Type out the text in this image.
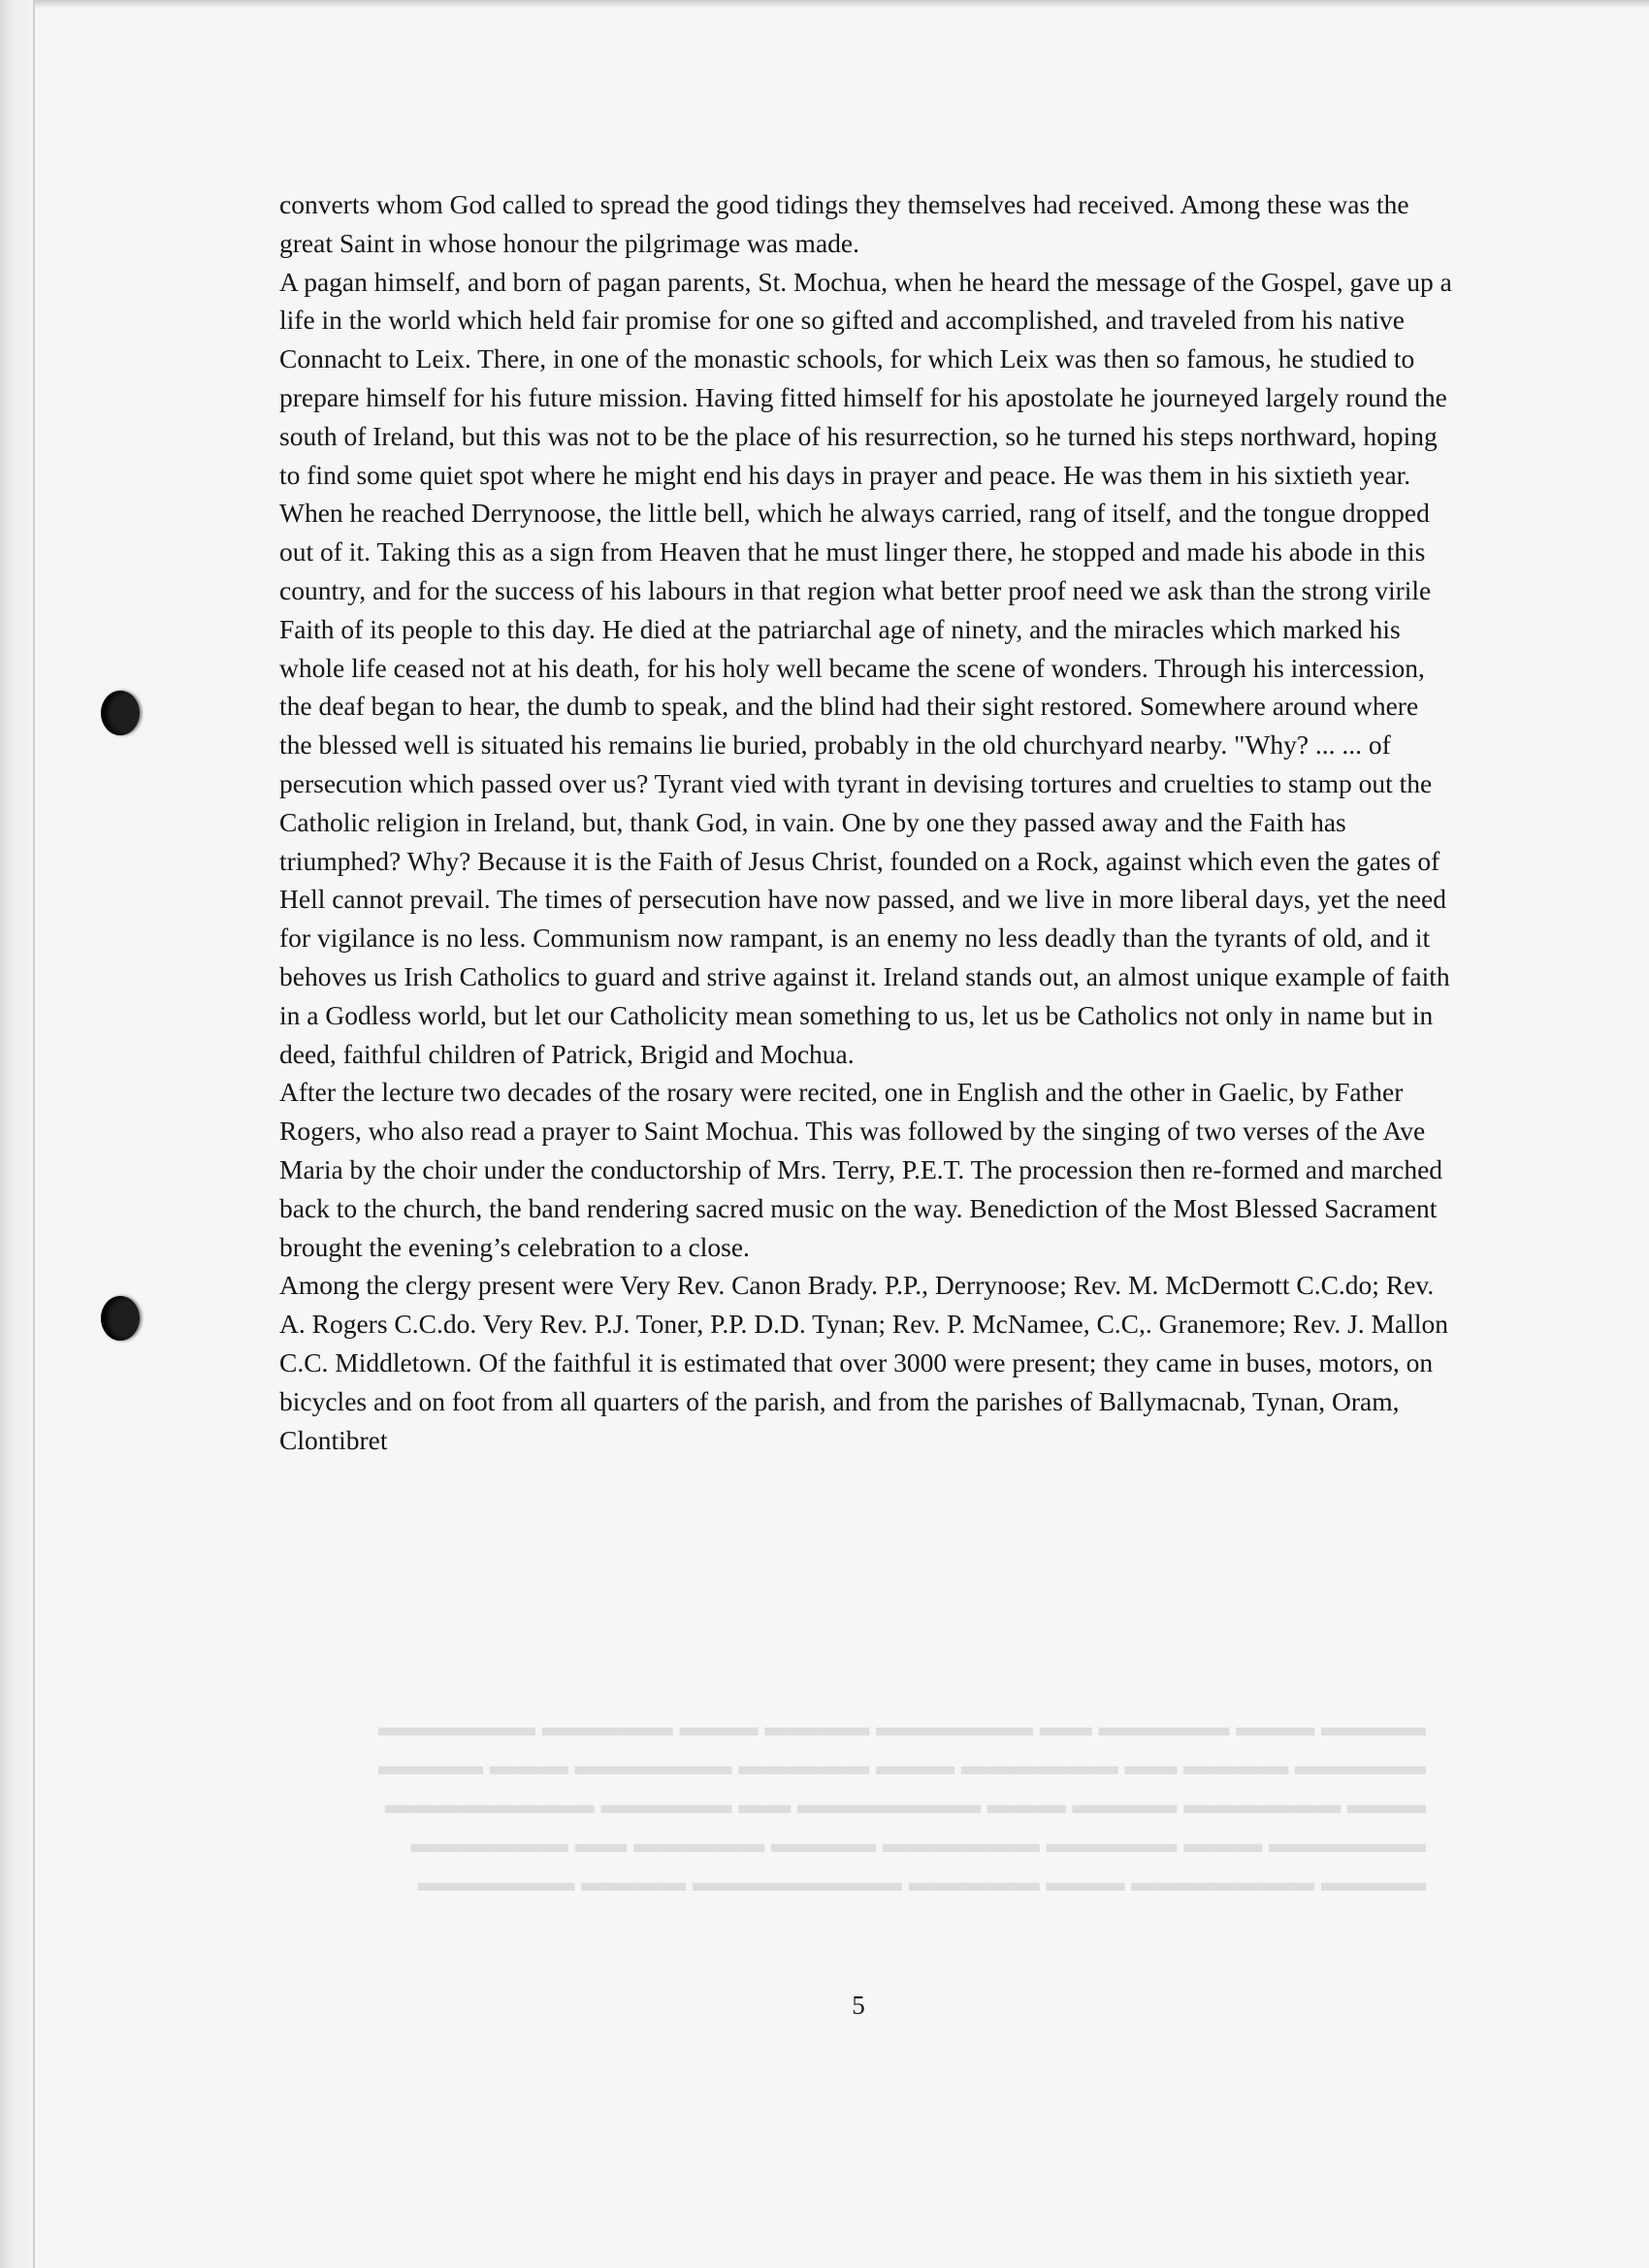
▬▬▬▬ ▬▬▬ ▬▬▬▬▬ ▬▬ ▬▬▬▬▬▬ ▬▬▬▬ ▬▬▬ ▬▬▬▬▬ ▬▬▬▬▬▬
▬▬▬▬▬ ▬▬▬▬ ▬▬ ▬▬▬▬▬▬ ▬▬▬ ▬▬▬▬▬ ▬▬▬▬▬▬ ▬▬▬ ▬▬▬▬
▬▬▬ ▬▬▬▬▬▬ ▬▬▬▬ ▬▬▬ ▬▬▬▬▬▬▬ ▬▬ ▬▬▬▬▬ ▬▬▬▬▬▬▬▬
▬▬▬▬▬▬ ▬▬▬ ▬▬▬▬▬ ▬▬▬▬▬▬ ▬▬▬▬ ▬▬▬▬▬ ▬▬ ▬▬▬▬▬▬
▬▬▬▬ ▬▬▬▬▬▬▬ ▬▬▬ ▬▬▬▬▬ ▬▬▬▬▬▬▬▬ ▬▬▬▬ ▬▬▬▬▬▬

converts whom God called to spread the good tidings they themselves had received. Among these was the great Saint in whose honour the pilgrimage was made.

A pagan himself, and born of pagan parents, St. Mochua, when he heard the message of the Gospel, gave up a life in the world which held fair promise for one so gifted and accomplished, and traveled from his native Connacht to Leix. There, in one of the monastic schools, for which Leix was then so famous, he studied to prepare himself for his future mission. Having fitted himself for his apostolate he journeyed largely round the south of Ireland, but this was not to be the place of his resurrection, so he turned his steps northward, hoping to find some quiet spot where he might end his days in prayer and peace. He was them in his sixtieth year. When he reached Derrynoose, the little bell, which he always carried, rang of itself, and the tongue dropped out of it. Taking this as a sign from Heaven that he must linger there, he stopped and made his abode in this country, and for the success of his labours in that region what better proof need we ask than the strong virile Faith of its people to this day. He died at the patriarchal age of ninety, and the miracles which marked his whole life ceased not at his death, for his holy well became the scene of wonders. Through his intercession, the deaf began to hear, the dumb to speak, and the blind had their sight restored. Somewhere around where the blessed well is situated his remains lie buried, probably in the old churchyard nearby. "Why? ... ... of persecution which passed over us? Tyrant vied with tyrant in devising tortures and cruelties to stamp out the Catholic religion in Ireland, but, thank God, in vain. One by one they passed away and the Faith has triumphed? Why? Because it is the Faith of Jesus Christ, founded on a Rock, against which even the gates of Hell cannot prevail. The times of persecution have now passed, and we live in more liberal days, yet the need for vigilance is no less. Communism now rampant, is an enemy no less deadly than the tyrants of old, and it behoves us Irish Catholics to guard and strive against it. Ireland stands out, an almost unique example of faith in a Godless world, but let our Catholicity mean something to us, let us be Catholics not only in name but in deed, faithful children of Patrick, Brigid and Mochua.

After the lecture two decades of the rosary were recited, one in English and the other in Gaelic, by Father Rogers, who also read a prayer to Saint Mochua. This was followed by the singing of two verses of the Ave Maria by the choir under the conductorship of Mrs. Terry, P.E.T. The procession then re-formed and marched back to the church, the band rendering sacred music on the way. Benediction of the Most Blessed Sacrament brought the evening’s celebration to a close.

Among the clergy present were Very Rev. Canon Brady. P.P., Derrynoose; Rev. M. McDermott C.C.do; Rev. A. Rogers C.C.do. Very Rev. P.J. Toner, P.P. D.D. Tynan; Rev. P. McNamee, C.C,. Granemore; Rev. J. Mallon C.C. Middletown. Of the faithful it is estimated that over 3000 were present; they came in buses, motors, on bicycles and on foot from all quarters of the parish, and from the parishes of Ballymacnab, Tynan, Oram, Clontibret

5
